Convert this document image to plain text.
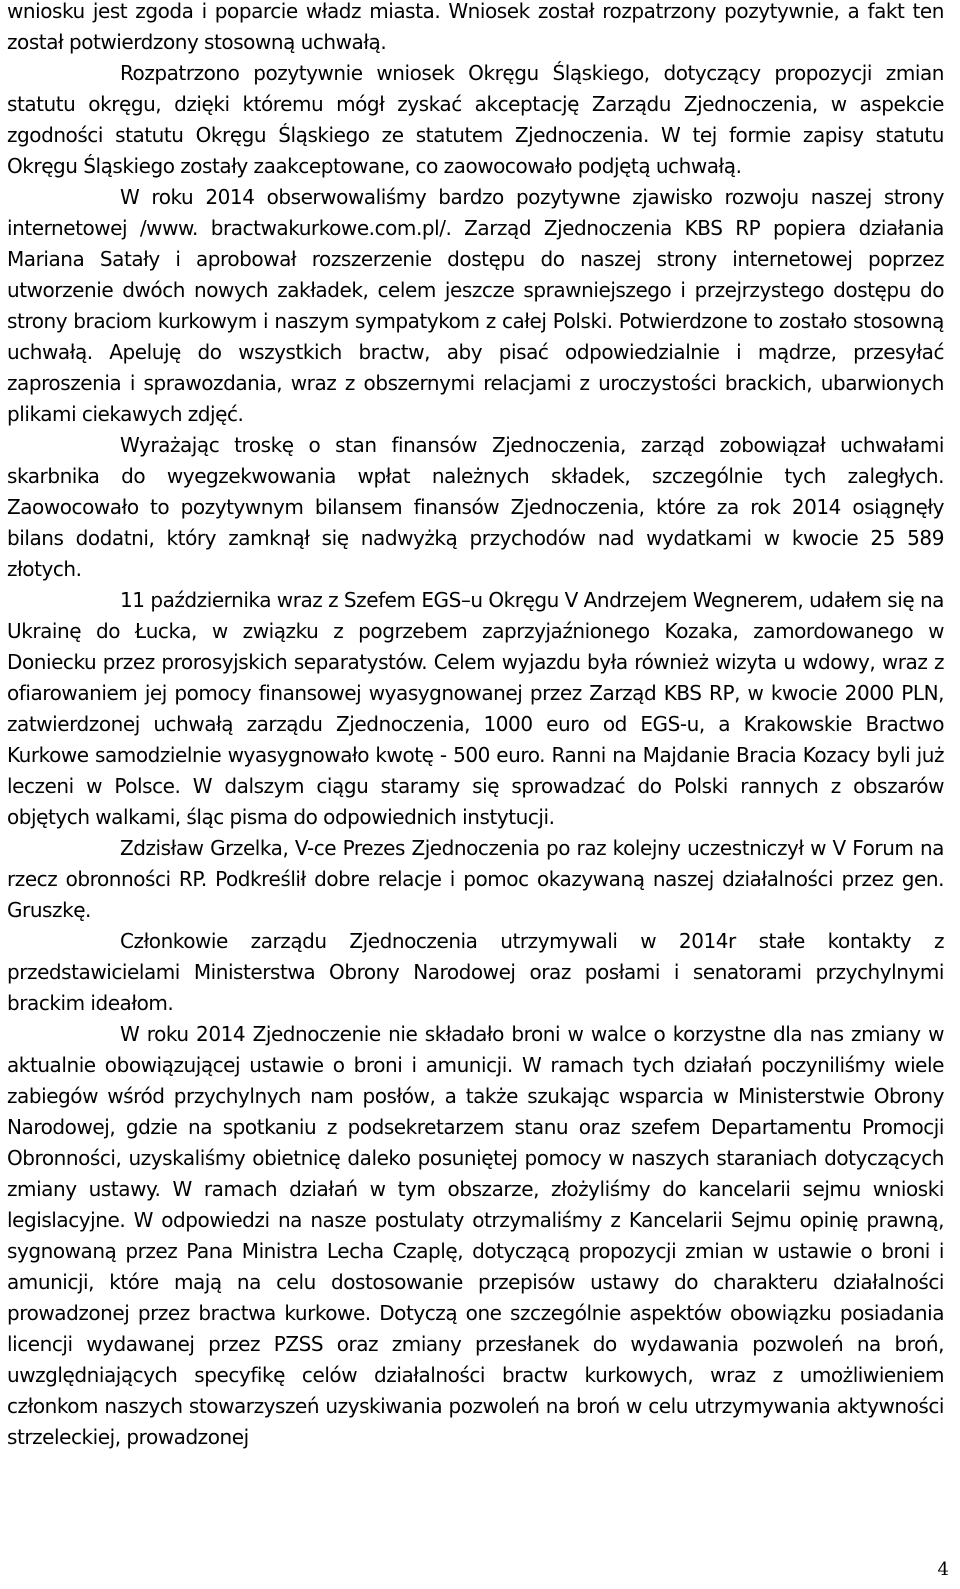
wniosku jest zgoda i poparcie władz miasta. Wniosek został rozpatrzony pozytywnie, a fakt ten został potwierdzony stosowną uchwałą.

Rozpatrzono pozytywnie wniosek Okręgu Śląskiego, dotyczący propozycji zmian statutu okręgu, dzięki któremu mógł zyskać akceptację Zarządu Zjednoczenia, w aspekcie zgodności statutu Okręgu Śląskiego ze statutem Zjednoczenia. W tej formie zapisy statutu Okręgu Śląskiego zostały zaakceptowane, co zaowocowało podjętą uchwałą.

W roku 2014 obserwowaliśmy bardzo pozytywne zjawisko rozwoju naszej strony internetowej /www. bractwakurkowe.com.pl/. Zarząd Zjednoczenia KBS RP popiera działania Mariana Satały i aprobował rozszerzenie dostępu do naszej strony internetowej poprzez utworzenie dwóch nowych zakładek, celem jeszcze sprawniejszego i przejrzystego dostępu do strony braciom kurkowym i naszym sympatykom z całej Polski. Potwierdzone to zostało stosowną uchwałą. Apeluję do wszystkich bractw, aby pisać odpowiedzialnie i mądrze, przesyłać zaproszenia i sprawozdania, wraz z obszernymi relacjami z uroczystości brackich, ubarwionych plikami ciekawych zdjęć.

Wyrażając troskę o stan finansów Zjednoczenia, zarząd zobowiązał uchwałami skarbnika do wyegzekwowania wpłat należnych składek, szczególnie tych zaległych. Zaowocowało to pozytywnym bilansem finansów Zjednoczenia, które za rok 2014 osiągnęły bilans dodatni, który zamknął się nadwyżką przychodów nad wydatkami w kwocie 25 589 złotych.

11 października wraz z Szefem EGS–u Okręgu V Andrzejem Wegnerem, udałem się na Ukrainę do Łucka, w związku z pogrzebem zaprzyjaźnionego Kozaka, zamordowanego w Doniecku przez prorosyjskich separatystów. Celem wyjazdu była również wizyta u wdowy, wraz z ofiarowaniem jej pomocy finansowej wyasygnowanej przez Zarząd KBS RP, w kwocie 2000 PLN, zatwierdzonej uchwałą zarządu Zjednoczenia, 1000 euro od EGS-u, a Krakowskie Bractwo Kurkowe samodzielnie wyasygnowało kwotę - 500 euro. Ranni na Majdanie Bracia Kozacy byli już leczeni w Polsce. W dalszym ciągu staramy się sprowadzać do Polski rannych z obszarów objętych walkami, śląc pisma do odpowiednich instytucji.

Zdzisław Grzelka, V-ce Prezes Zjednoczenia po raz kolejny uczestniczył w V Forum na rzecz obronności RP. Podkreślił dobre relacje i pomoc okazywaną naszej działalności przez gen. Gruszkę.

Członkowie zarządu Zjednoczenia utrzymywali w 2014r stałe kontakty z przedstawicielami Ministerstwa Obrony Narodowej oraz posłami i senatorami przychylnymi brackim ideałom.

W roku 2014 Zjednoczenie nie składało broni w walce o korzystne dla nas zmiany w aktualnie obowiązującej ustawie o broni i amunicji. W ramach tych działań poczyniliśmy wiele zabiegów wśród przychylnych nam posłów, a także szukając wsparcia w Ministerstwie Obrony Narodowej, gdzie na spotkaniu z podsekretarzem stanu oraz szefem Departamentu Promocji Obronności, uzyskaliśmy obietnicę daleko posuniętej pomocy w naszych staraniach dotyczących zmiany ustawy. W ramach działań w tym obszarze, złożyliśmy do kancelarii sejmu wnioski legislacyjne. W odpowiedzi na nasze postulaty otrzymaliśmy z Kancelarii Sejmu opinię prawną, sygnowaną przez Pana Ministra Lecha Czaplę, dotyczącą propozycji zmian w ustawie o broni i amunicji, które mają na celu dostosowanie przepisów ustawy do charakteru działalności prowadzonej przez bractwa kurkowe. Dotyczą one szczególnie aspektów obowiązku posiadania licencji wydawanej przez PZSS oraz zmiany przesłanek do wydawania pozwoleń na broń, uwzględniających specyfikę celów działalności bractw kurkowych, wraz z umożliwieniem członkom naszych stowarzyszeń uzyskiwania pozwoleń na broń w celu utrzymywania aktywności strzeleckiej, prowadzonej

4
